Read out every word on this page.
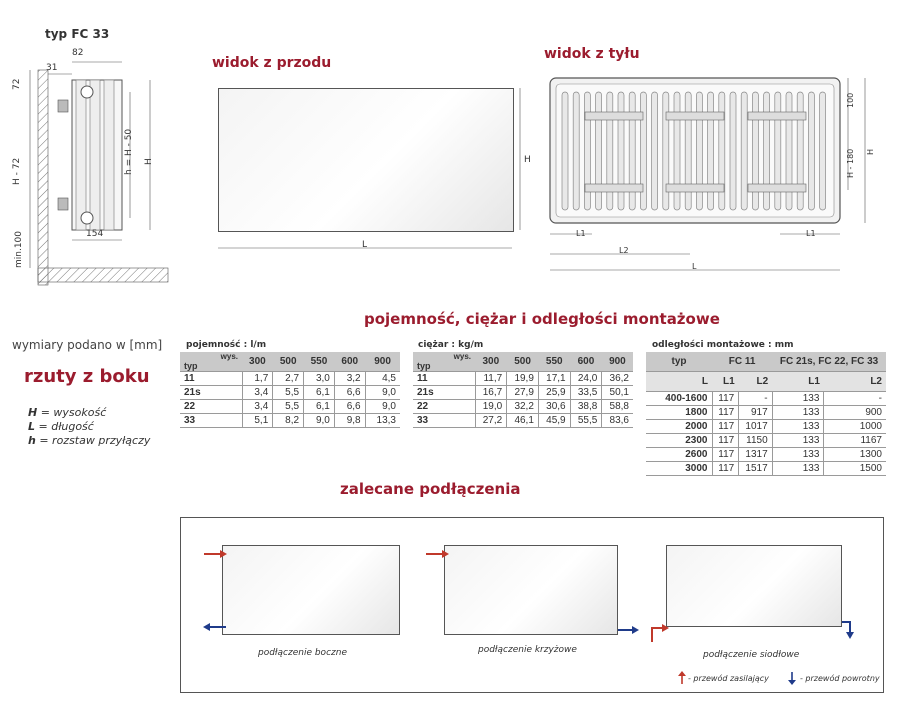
typ FC 33
82
31
72
H - 72	h = H - 50 H
min.100	154
widok z przodu
H
L
widok z tyłu
100
H - 180 H
L1	L1
L2
L
pojemność, ciężar i odległości montażowe
wymiary podano w [mm]
rzuty z boku
H = wysokość
L = długość
h = rozstaw przyłączy
pojemność : l/m
wys.
typ	300	500	550	600	900
11	1,7	2,7	3,0	3,2	4,5
21s	3,4	5,5	6,1	6,6	9,0
22	3,4	5,5	6,1	6,6	9,0
33	5,1	8,2	9,0	9,8	13,3
ciężar : kg/m
wys.
typ	300	500	550	600	900
11	11,7	19,9	17,1	24,0	36,2
21s	16,7	27,9	25,9	33,5	50,1
22	19,0	32,2	30,6	38,8	58,8
33	27,2	46,1	45,9	55,5	83,6
odległości montażowe : mm
typ	FC 11		FC 21s, FC 22, FC 33	
L	L1	L2	L1	L2
400-1600	117	-	133	-
1800	117	917	133	900
2000	117	1017	133	1000
2300	117	1150	133	1167
2600	117	1317	133	1300
3000	117	1517	133	1500
zalecane podłączenia
podłączenie boczne	podłączenie krzyżowe	podłączenie siodłowe
- przewód zasilający	- przewód powrotny
